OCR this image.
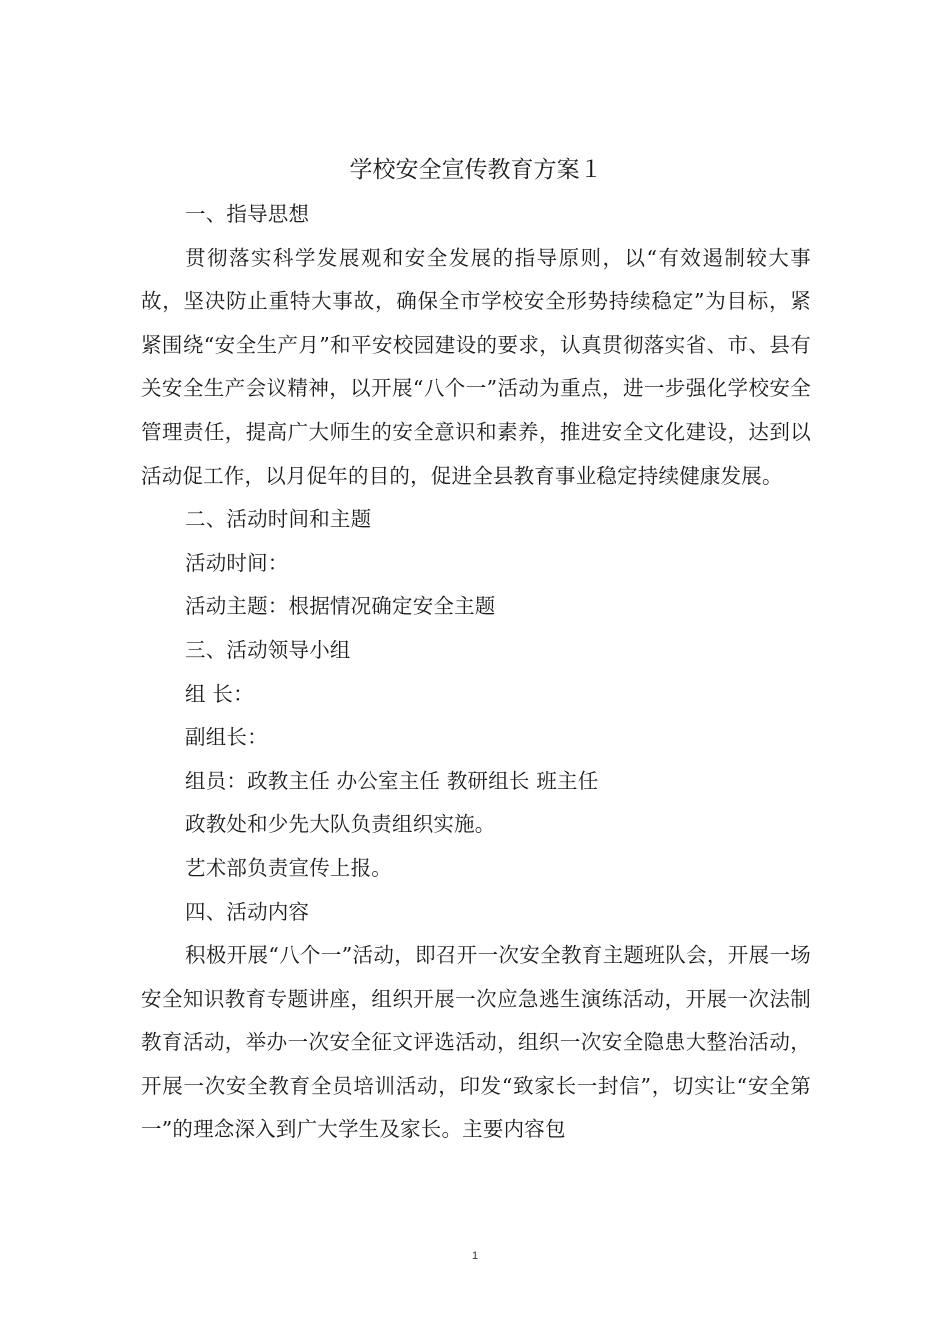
学校安全宣传教育方案１

一、指导思想

贯彻落实科学发展观和安全发展的指导原则，以“有效遏制较大事故，坚决防止重特大事故，确保全市学校安全形势持续稳定”为目标，紧紧围绕“安全生产月”和平安校园建设的要求，认真贯彻落实省、市、县有关安全生产会议精神，以开展“八个一”活动为重点，进一步强化学校安全管理责任，提高广大师生的安全意识和素养，推进安全文化建设，达到以活动促工作，以月促年的目的，促进全县教育事业稳定持续健康发展。

二、活动时间和主题

活动时间：

活动主题：根据情况确定安全主题

三、活动领导小组

组 长：

副组长：

组员：政教主任 办公室主任 教研组长 班主任

政教处和少先大队负责组织实施。

艺术部负责宣传上报。

四、活动内容

积极开展“八个一”活动，即召开一次安全教育主题班队会，开展一场安全知识教育专题讲座，组织开展一次应急逃生演练活动，开展一次法制教育活动，举办一次安全征文评选活动，组织一次安全隐患大整治活动，开展一次安全教育全员培训活动，印发“致家长一封信”，切实让“安全第一”的理念深入到广大学生及家长。主要内容包

1
